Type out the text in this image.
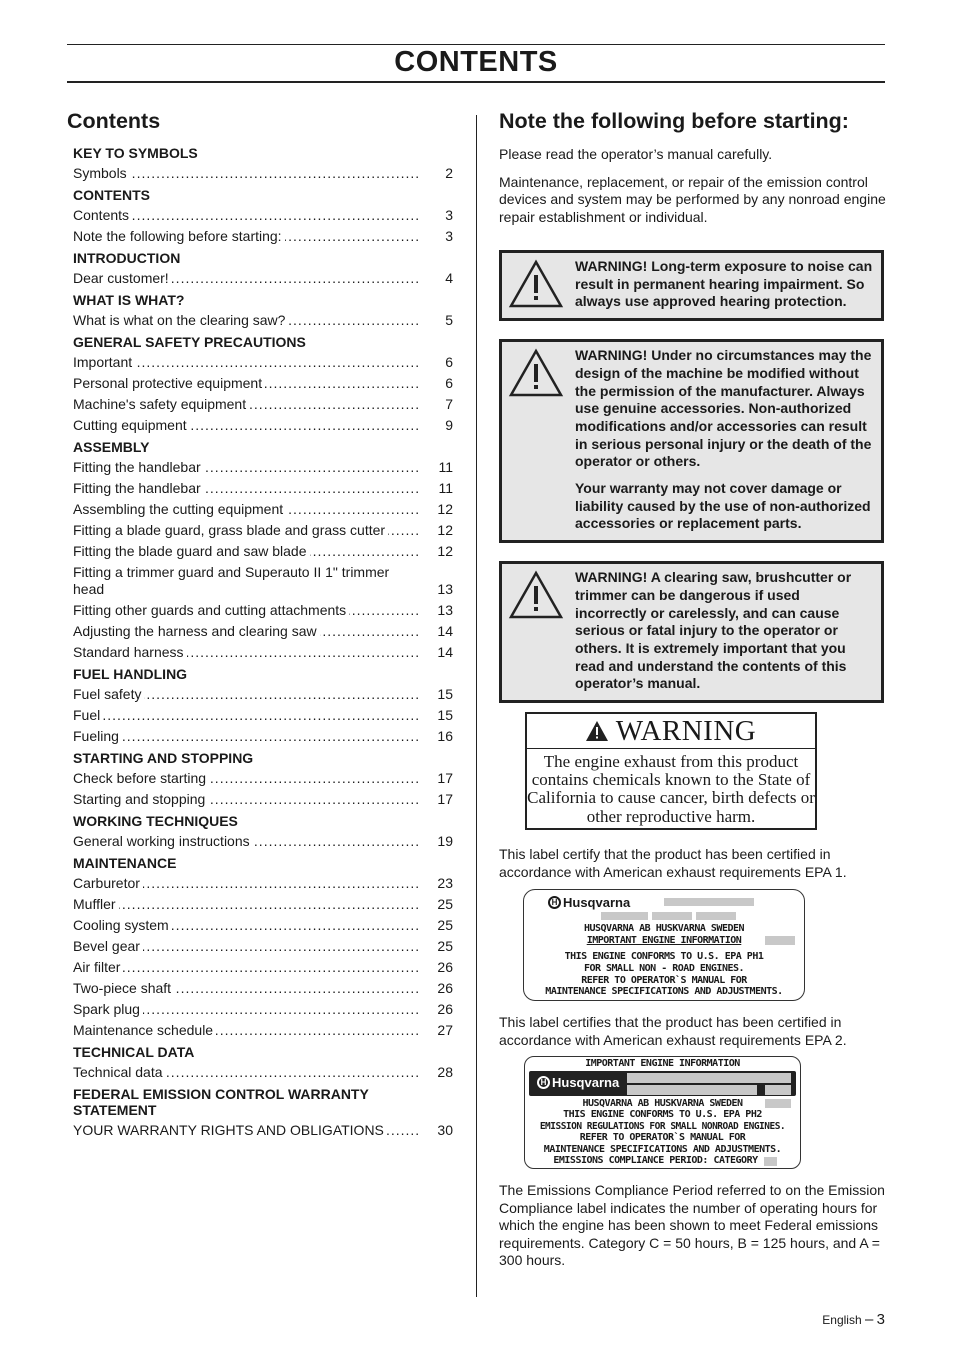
CONTENTS
Contents
KEY TO SYMBOLS
Symbols .....	2
CONTENTS
Contents .....	3
Note the following before starting: .....	3
INTRODUCTION
Dear customer! .....	4
WHAT IS WHAT?
What is what on the clearing saw? .....	5
GENERAL SAFETY PRECAUTIONS
Important .....	6
Personal protective equipment .....	6
Machine's safety equipment .....	7
Cutting equipment .....	9
ASSEMBLY
Fitting the handlebar .....	11
Fitting the handlebar .....	11
Assembling the cutting equipment .....	12
Fitting a blade guard, grass blade and grass cutter .....	12
Fitting the blade guard and saw blade .....	12
Fitting a trimmer guard and Superauto II 1" trimmer head	13
Fitting other guards and cutting attachments .....	13
Adjusting the harness and clearing saw .....	14
Standard harness .....	14
FUEL HANDLING
Fuel safety .....	15
Fuel .....	15
Fueling .....	16
STARTING AND STOPPING
Check before starting .....	17
Starting and stopping .....	17
WORKING TECHNIQUES
General working instructions .....	19
MAINTENANCE
Carburetor .....	23
Muffler .....	25
Cooling system .....	25
Bevel gear .....	25
Air filter .....	26
Two-piece shaft .....	26
Spark plug .....	26
Maintenance schedule .....	27
TECHNICAL DATA
Technical data .....	28
FEDERAL EMISSION CONTROL WARRANTY STATEMENT
YOUR WARRANTY RIGHTS AND OBLIGATIONS .....	30
Note the following before starting:

Please read the operator’s manual carefully.

Maintenance, replacement, or repair of the emission control devices and system may be performed by any nonroad engine repair establishment or individual.

WARNING! Long-term exposure to noise can result in permanent hearing impairment. So always use approved hearing protection.

WARNING! Under no circumstances may the design of the machine be modified without the permission of the manufacturer. Always use genuine accessories. Non-authorized modifications and/or accessories can result in serious personal injury or the death of the operator or others.

Your warranty may not cover damage or liability caused by the use of non-authorized accessories or replacement parts.

WARNING! A clearing saw, brushcutter or trimmer can be dangerous if used incorrectly or carelessly, and can cause serious or fatal injury to the operator or others. It is extremely important that you read and understand the contents of this operator’s manual.

WARNING
The engine exhaust from this product contains chemicals known to the State of California to cause cancer, birth defects or other reproductive harm.

This label certify that the product has been certified in accordance with American exhaust requirements EPA 1.

H Husqvarna
HUSQVARNA AB HUSKVARNA SWEDEN
IMPORTANT ENGINE INFORMATION
THIS ENGINE CONFORMS TO U.S. EPA PH1
FOR SMALL NON - ROAD ENGINES.
REFER TO OPERATOR`S MANUAL FOR
MAINTENANCE SPECIFICATIONS AND ADJUSTMENTS.

This label certifies that the product has been certified in accordance with American exhaust requirements EPA 2.

IMPORTANT ENGINE INFORMATION
H Husqvarna
HUSQVARNA AB HUSKVARNA SWEDEN
THIS ENGINE CONFORMS TO U.S. EPA PH2
EMISSION REGULATIONS FOR SMALL NONROAD ENGINES.
REFER TO OPERATOR`S MANUAL FOR
MAINTENANCE SPECIFICATIONS AND ADJUSTMENTS.
EMISSIONS COMPLIANCE PERIOD: CATEGORY

The Emissions Compliance Period referred to on the Emission Compliance label indicates the number of operating hours for which the engine has been shown to meet Federal emissions requirements. Category C = 50 hours, B = 125 hours, and A = 300 hours.

English – 3
